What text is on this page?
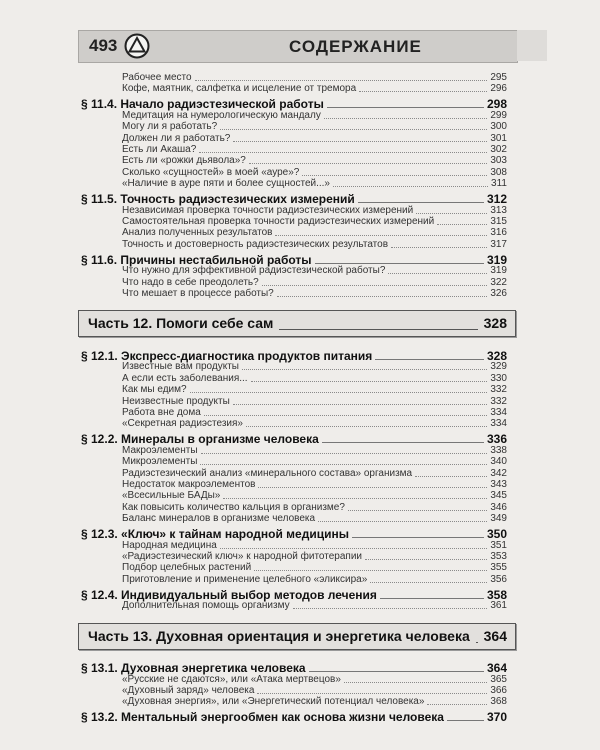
493	СОДЕРЖАНИЕ
Рабочее место	295
Кофе, маятник, салфетка и исцеление от тремора	296
§ 11.4. Начало радиэстезической работы	298
Медитация на нумерологическую мандалу	299
Могу ли я работать?	300
Должен ли я работать?	301
Есть ли Акаша?	302
Есть ли «рожки дьявола»?	303
Сколько «сущностей» в моей «ауре»?	308
«Наличие в ауре пяти и более сущностей...»	311
§ 11.5. Точность радиэстезических измерений	312
Независимая проверка точности радиэстезических измерений	313
Самостоятельная проверка точности радиэстезических измерений	315
Анализ полученных результатов	316
Точность и достоверность радиэстезических результатов	317
§ 11.6. Причины нестабильной работы	319
Что нужно для эффективной радиэстезической работы?	319
Что надо в себе преодолеть?	322
Что мешает в процессе работы?	326
Часть 12. Помоги себе сам	328
§ 12.1. Экспресс-диагностика продуктов питания	328
Известные вам продукты	329
А если есть заболевания...	330
Как мы едим?	332
Неизвестные продукты	332
Работа вне дома	334
«Секретная радиэстезия»	334
§ 12.2. Минералы в организме человека	336
Макроэлементы	338
Микроэлементы	340
Радиэстезический анализ «минерального состава» организма	342
Недостаток макроэлементов	343
«Всесильные БАДы»	345
Как повысить количество кальция в организме?	346
Баланс минералов в организме человека	349
§ 12.3. «Ключ» к тайнам народной медицины	350
Народная медицина	351
«Радиэстезический ключ» к народной фитотерапии	353
Подбор целебных растений	355
Приготовление и применение целебного «эликсира»	356
§ 12.4. Индивидуальный выбор методов лечения	358
Дополнительная помощь организму	361
Часть 13. Духовная ориентация и энергетика человека 364
§ 13.1. Духовная энергетика человека	364
«Русские не сдаются», или «Атака мертвецов»	365
«Духовный заряд» человека	366
«Духовная энергия», или «Энергетический потенциал человека»	368
§ 13.2. Ментальный энергообмен как основа жизни человека	370
